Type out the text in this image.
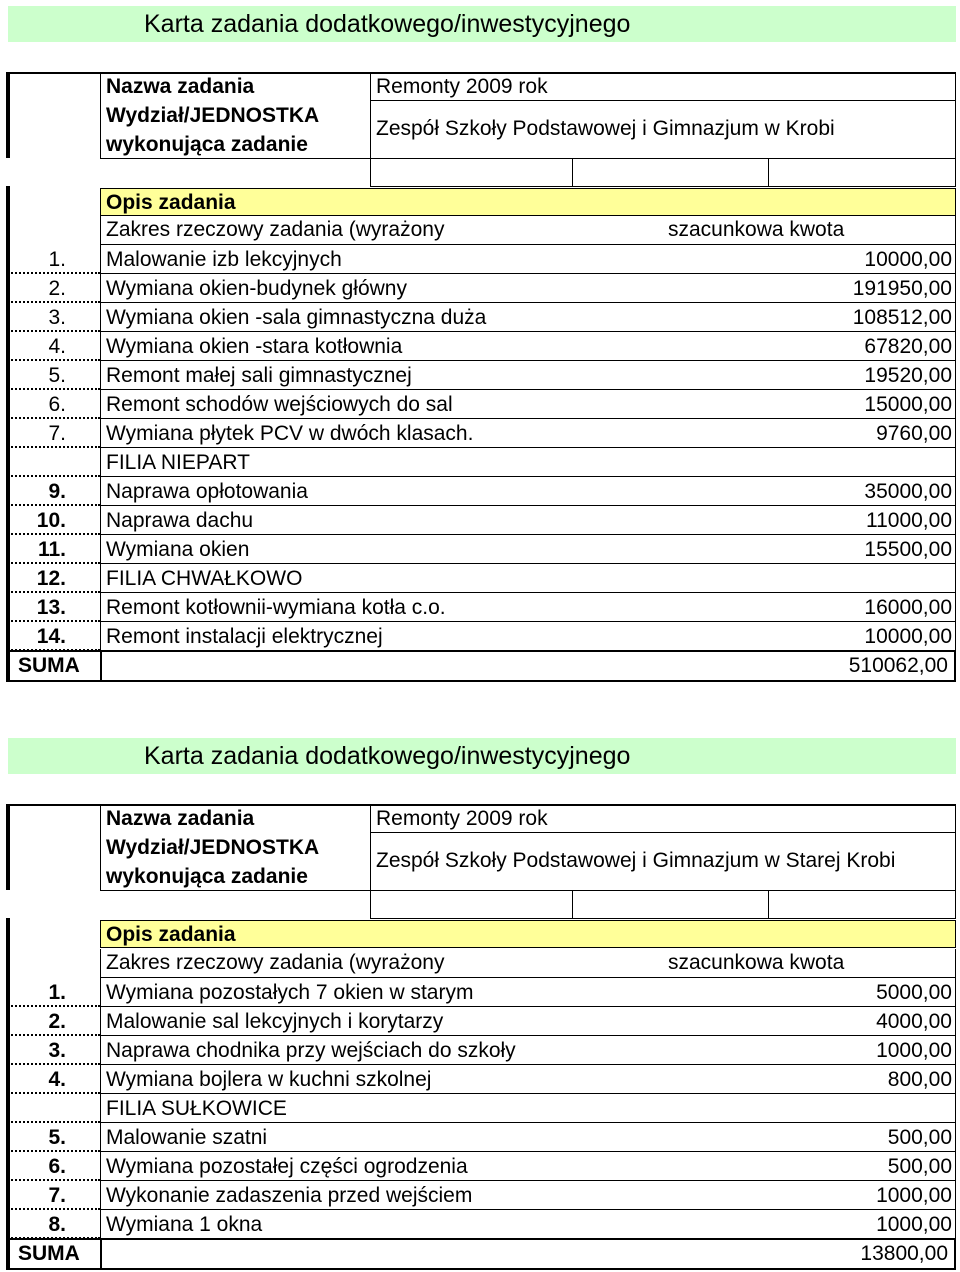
Karta zadania dodatkowego/inwestycyjnego
Nazwa zadania	Remonty 2009 rok
Wydział/JEDNOSTKA
wykonująca zadanie
Zespół Szkoły Podstawowej i Gimnazjum w Krobi
Opis zadania
Zakres rzeczowy zadania (wyrażony	szacunkowa kwota
1.	Malowanie izb lekcyjnych	10000,00
2.	Wymiana okien-budynek główny	191950,00
3.	Wymiana okien -sala gimnastyczna duża	108512,00
4.	Wymiana okien -stara kotłownia	67820,00
5.	Remont małej sali gimnastycznej	19520,00
6.	Remont schodów wejściowych do sal	15000,00
7.	Wymiana płytek PCV w dwóch klasach.	9760,00
FILIA NIEPART
9.	Naprawa opłotowania	35000,00
10.	Naprawa dachu	11000,00
11.	Wymiana okien	15500,00
12.	FILIA CHWAŁKOWO
13.	Remont kotłownii-wymiana kotła c.o.	16000,00
14.	Remont instalacji elektrycznej	10000,00
SUMA	510062,00
Karta zadania dodatkowego/inwestycyjnego
Nazwa zadania	Remonty 2009 rok
Wydział/JEDNOSTKA
wykonująca zadanie
Zespół Szkoły Podstawowej i Gimnazjum w Starej Krobi
Opis zadania
Zakres rzeczowy zadania (wyrażony	szacunkowa kwota
1.	Wymiana pozostałych 7 okien w starym	5000,00
2.	Malowanie sal lekcyjnych i korytarzy	4000,00
3.	Naprawa chodnika przy wejściach do szkoły	1000,00
4.	Wymiana bojlera w kuchni szkolnej	800,00
FILIA SUŁKOWICE
5.	Malowanie szatni	500,00
6.	Wymiana pozostałej części ogrodzenia	500,00
7.	Wykonanie zadaszenia przed wejściem	1000,00
8.	Wymiana 1 okna	1000,00
SUMA	13800,00
